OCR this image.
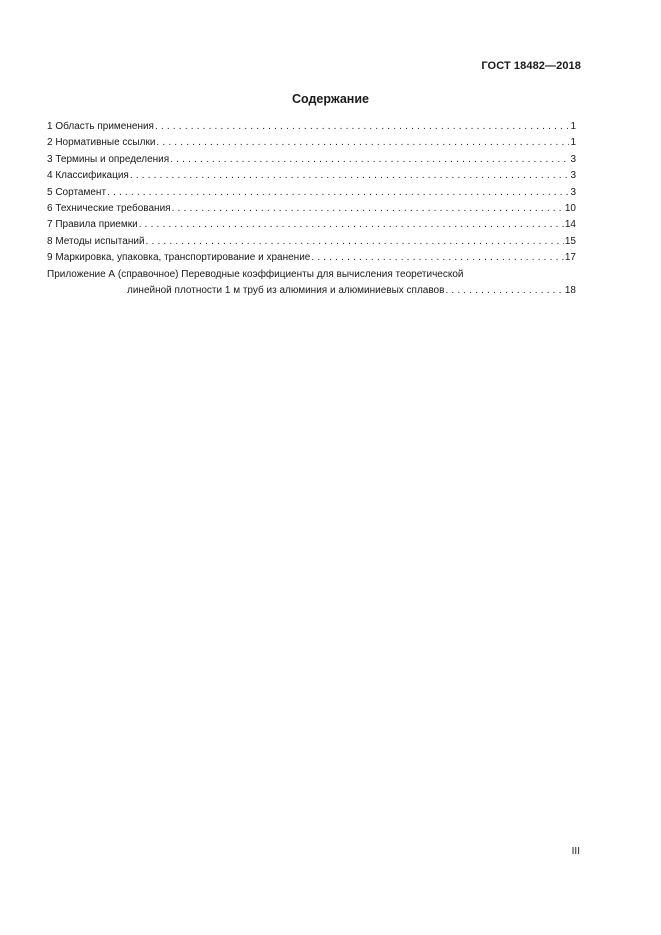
ГОСТ 18482—2018
Содержание
1 Область применения . . .	1
2 Нормативные ссылки . . .	1
3 Термины и определения . . .	3
4 Классификация . . .	3
5 Сортамент . . .	3
6 Технические требования . . .	10
7 Правила приемки . . .	14
8 Методы испытаний . . .	15
9 Маркировка, упаковка, транспортирование и хранение . . .	17
Приложение А (справочное) Переводные коэффициенты для вычисления теоретической
линейной плотности 1 м труб из алюминия и алюминиевых сплавов . . .	18
III
